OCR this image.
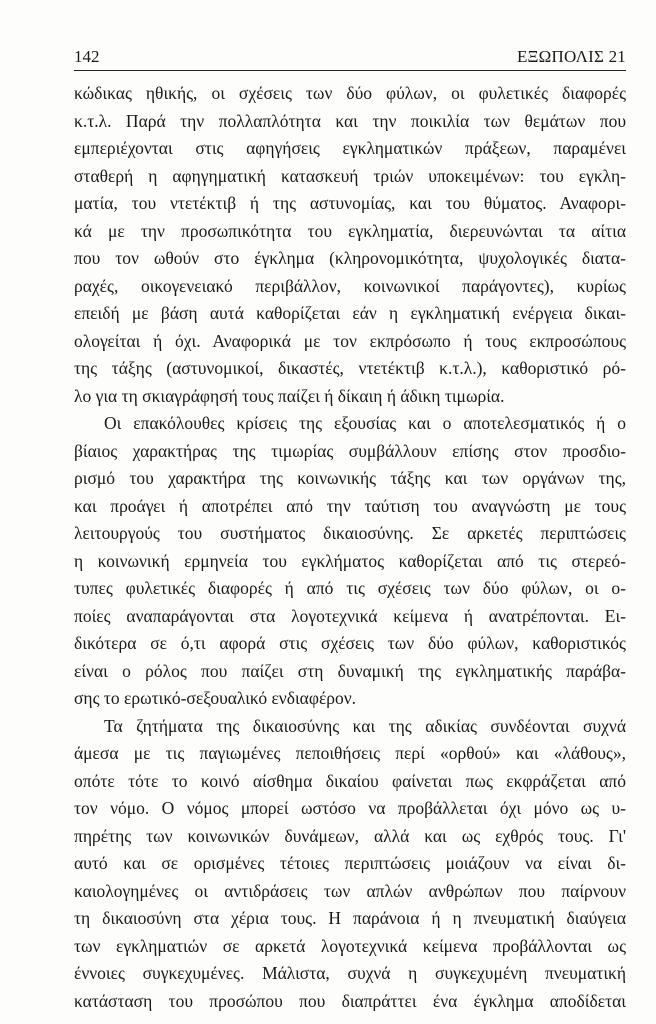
142	ΕΞΩΠΟΛΙΣ 21
κώδικας ηθικής, οι σχέσεις των δύο φύλων, οι φυλετικές διαφορές
κ.τ.λ. Παρά την πολλαπλότητα και την ποικιλία των θεμάτων που
εμπεριέχονται στις αφηγήσεις εγκληματικών πράξεων, παραμένει
σταθερή η αφηγηματική κατασκευή τριών υποκειμένων: του εγκλη-
ματία, του ντετέκτιβ ή της αστυνομίας, και του θύματος. Αναφορι-
κά με την προσωπικότητα του εγκληματία, διερευνώνται τα αίτια
που τον ωθούν στο έγκλημα (κληρονομικότητα, ψυχολογικές διατα-
ραχές, οικογενειακό περιβάλλον, κοινωνικοί παράγοντες), κυρίως
επειδή με βάση αυτά καθορίζεται εάν η εγκληματική ενέργεια δικαι-
ολογείται ή όχι. Αναφορικά με τον εκπρόσωπο ή τους εκπροσώπους
της τάξης (αστυνομικοί, δικαστές, ντετέκτιβ κ.τ.λ.), καθοριστικό ρό-
λο για τη σκιαγράφησή τους παίζει ή δίκαιη ή άδικη τιμωρία.
Οι επακόλουθες κρίσεις της εξουσίας και ο αποτελεσματικός ή ο
βίαιος χαρακτήρας της τιμωρίας συμβάλλουν επίσης στον προσδιο-
ρισμό του χαρακτήρα της κοινωνικής τάξης και των οργάνων της,
και προάγει ή αποτρέπει από την ταύτιση του αναγνώστη με τους
λειτουργούς του συστήματος δικαιοσύνης. Σε αρκετές περιπτώσεις
η κοινωνική ερμηνεία του εγκλήματος καθορίζεται από τις στερεό-
τυπες φυλετικές διαφορές ή από τις σχέσεις των δύο φύλων, οι ο-
ποίες αναπαράγονται στα λογοτεχνικά κείμενα ή ανατρέπονται. Ει-
δικότερα σε ό,τι αφορά στις σχέσεις των δύο φύλων, καθοριστικός
είναι ο ρόλος που παίζει στη δυναμική της εγκληματικής παράβα-
σης το ερωτικό-σεξουαλικό ενδιαφέρον.
Τα ζητήματα της δικαιοσύνης και της αδικίας συνδέονται συχνά
άμεσα με τις παγιωμένες πεποιθήσεις περί «ορθού» και «λάθους»,
οπότε τότε το κοινό αίσθημα δικαίου φαίνεται πως εκφράζεται από
τον νόμο. Ο νόμος μπορεί ωστόσο να προβάλλεται όχι μόνο ως υ-
πηρέτης των κοινωνικών δυνάμεων, αλλά και ως εχθρός τους. Γι'
αυτό και σε ορισμένες τέτοιες περιπτώσεις μοιάζουν να είναι δι-
καιολογημένες οι αντιδράσεις των απλών ανθρώπων που παίρνουν
τη δικαιοσύνη στα χέρια τους. Η παράνοια ή η πνευματική διαύγεια
των εγκληματιών σε αρκετά λογοτεχνικά κείμενα προβάλλονται ως
έννοιες συγκεχυμένες. Μάλιστα, συχνά η συγκεχυμένη πνευματική
κατάσταση του προσώπου που διαπράττει ένα έγκλημα αποδίδεται
